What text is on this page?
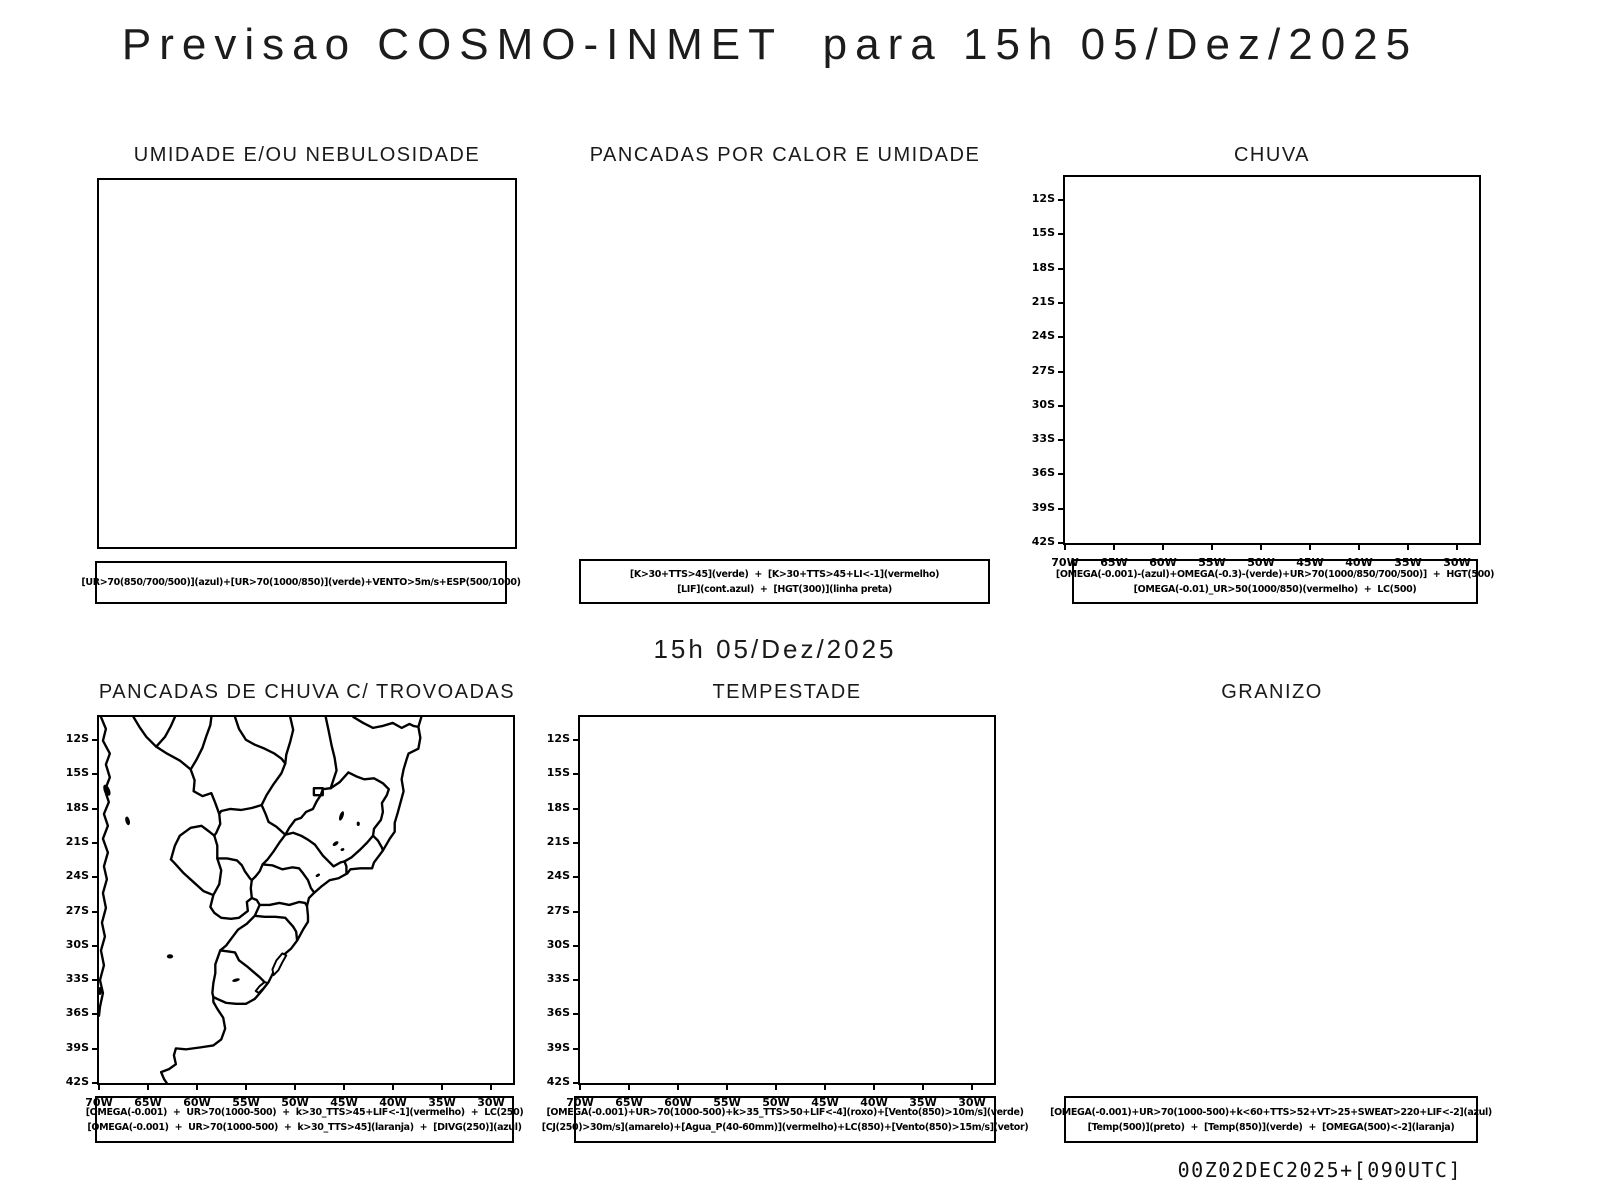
Previsao COSMO-INMET  para 15h 05/Dez/2025
UMIDADE E/OU NEBULOSIDADE	PANCADAS POR CALOR E UMIDADE	CHUVA
PANCADAS DE CHUVA C/ TROVOADAS	TEMPESTADE	GRANIZO
12S
15S
18S
21S
24S
27S
30S
33S
36S
39S
42S
70W	65W	60W	55W	50W	45W	40W	35W	30W
12S
15S
18S
21S
24S
27S
30S
33S
36S
39S
42S
70W	65W	60W	55W	50W	45W	40W	35W	30W
12S
15S
18S
21S
24S
27S
30S
33S
36S
39S
42S
70W	65W	60W	55W	50W	45W	40W	35W	30W
[UR>70(850/700/500)](azul)+[UR>70(1000/850)](verde)+VENTO>5m/s+ESP(500/1000)
[K>30+TTS>45](verde)  +  [K>30+TTS>45+LI<-1](vermelho)
[LIF](cont.azul)  +  [HGT(300)](linha preta)
[OMEGA(-0.001)-(azul)+OMEGA(-0.3)-(verde)+UR>70(1000/850/700/500)]  +  HGT(500)
[OMEGA(-0.01)_UR>50(1000/850)(vermelho)  +  LC(500)
[OMEGA(-0.001)  +  UR>70(1000-500)  +  k>30_TTS>45+LIF<-1](vermelho)  +  LC(250)
[OMEGA(-0.001)  +  UR>70(1000-500)  +  k>30_TTS>45](laranja)  +  [DIVG(250)](azul)
[OMEGA(-0.001)+UR>70(1000-500)+k>35_TTS>50+LIF<-4](roxo)+[Vento(850)>10m/s](verde)
[CJ(250)>30m/s](amarelo)+[Agua_P(40-60mm)](vermelho)+LC(850)+[Vento(850)>15m/s](vetor)
[OMEGA(-0.001)+UR>70(1000-500)+k<60+TTS>52+VT>25+SWEAT>220+LIF<-2](azul)
[Temp(500)](preto)  +  [Temp(850)](verde)  +  [OMEGA(500)<-2](laranja)
15h 05/Dez/2025
00Z02DEC2025+[090UTC]
